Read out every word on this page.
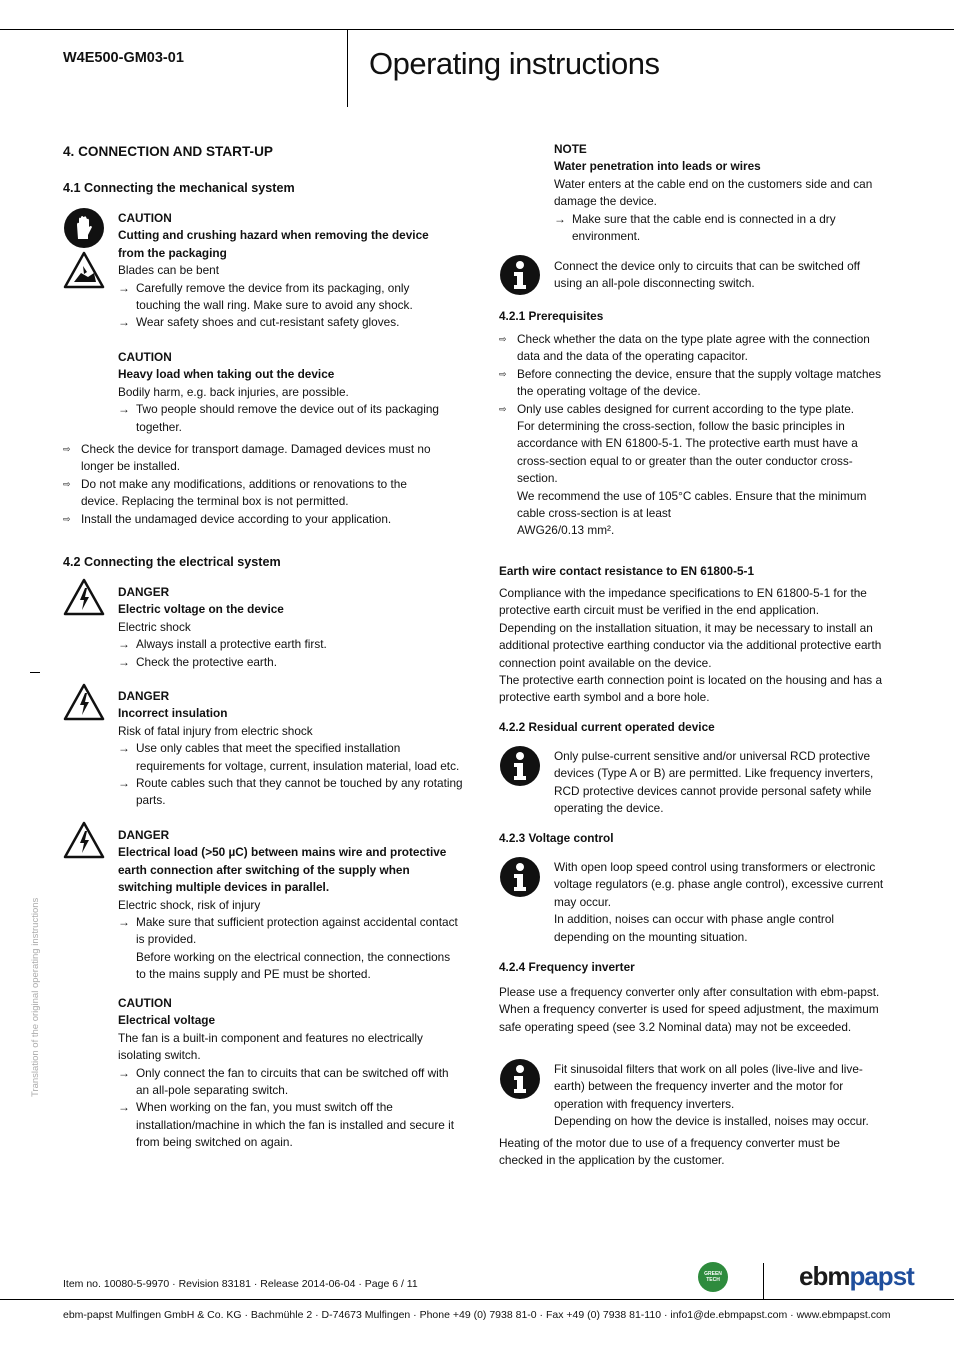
W4E500-GM03-01	Operating instructions
Translation of the original operating instructions
4. CONNECTION AND START-UP
4.1 Connecting the mechanical system

CAUTION

Cutting and crushing hazard when removing the device from the packaging

Blades can be bent

→ Carefully remove the device from its packaging, only touching the wall ring. Make sure to avoid any shock.

→ Wear safety shoes and cut-resistant safety gloves.

CAUTION

Heavy load when taking out the device

Bodily harm, e.g. back injuries, are possible.

→ Two people should remove the device out of its packaging together.

⇨ Check the device for transport damage. Damaged devices must no longer be installed.

⇨ Do not make any modifications, additions or renovations to the device. Replacing the terminal box is not permitted.

⇨ Install the undamaged device according to your application.

4.2 Connecting the electrical system

DANGER

Electric voltage on the device

Electric shock

→ Always install a protective earth first.

→ Check the protective earth.

DANGER

Incorrect insulation

Risk of fatal injury from electric shock

→ Use only cables that meet the specified installation requirements for voltage, current, insulation material, load etc.

→ Route cables such that they cannot be touched by any rotating parts.

DANGER

Electrical load (>50 µC) between mains wire and protective earth connection after switching of the supply when switching multiple devices in parallel.

Electric shock, risk of injury

→ Make sure that sufficient protection against accidental contact is provided.

Before working on the electrical connection, the connections to the mains supply and PE must be shorted.

CAUTION

Electrical voltage

The fan is a built-in component and features no electrically isolating switch.

→ Only connect the fan to circuits that can be switched off with an all-pole separating switch.

→ When working on the fan, you must switch off the installation/machine in which the fan is installed and secure it from being switched on again.

NOTE

Water penetration into leads or wires

Water enters at the cable end on the customers side and can damage the device.

→ Make sure that the cable end is connected in a dry environment.

Connect the device only to circuits that can be switched off using an all-pole disconnecting switch.

4.2.1 Prerequisites

⇨ Check whether the data on the type plate agree with the connection data and the data of the operating capacitor.

⇨ Before connecting the device, ensure that the supply voltage matches the operating voltage of the device.

⇨ Only use cables designed for current according to the type plate.

For determining the cross-section, follow the basic principles in accordance with EN 61800-5-1. The protective earth must have a cross-section equal to or greater than the outer conductor cross-section.

We recommend the use of 105°C cables. Ensure that the minimum cable cross-section is at least

AWG26/0.13 mm².

Earth wire contact resistance to EN 61800-5-1

Compliance with the impedance specifications to EN 61800-5-1 for the protective earth circuit must be verified in the end application.

Depending on the installation situation, it may be necessary to install an additional protective earthing conductor via the additional protective earth connection point available on the device.

The protective earth connection point is located on the housing and has a protective earth symbol and a bore hole.

4.2.2 Residual current operated device

Only pulse-current sensitive and/or universal RCD protective devices (Type A or B) are permitted. Like frequency inverters, RCD protective devices cannot provide personal safety while operating the device.

4.2.3 Voltage control

With open loop speed control using transformers or electronic voltage regulators (e.g. phase angle control), excessive current may occur.

In addition, noises can occur with phase angle control depending on the mounting situation.

4.2.4 Frequency inverter

Please use a frequency converter only after consultation with ebm-papst. When a frequency converter is used for speed adjustment, the maximum safe operating speed (see 3.2 Nominal data) may not be exceeded.

Fit sinusoidal filters that work on all poles (live-live and live-earth) between the frequency inverter and the motor for operation with frequency inverters.

Depending on how the device is installed, noises may occur.

Heating of the motor due to use of a frequency converter must be checked in the application by the customer.

Item no. 10080-5-9970 · Revision 83181 · Release 2014-06-04 · Page 6 / 11
GREEN TECH	ebmpapst
ebm-papst Mulfingen GmbH & Co. KG · Bachmühle 2 · D-74673 Mulfingen · Phone +49 (0) 7938 81-0 · Fax +49 (0) 7938 81-110 · info1@de.ebmpapst.com · www.ebmpapst.com
